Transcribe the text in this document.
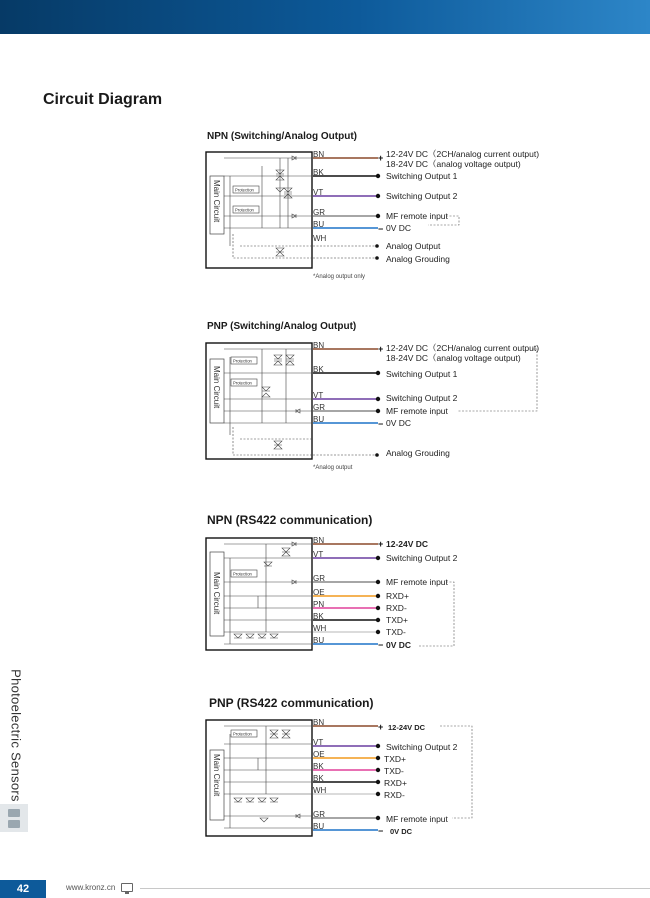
Circuit Diagram
NPN (Switching/Analog Output)
Main Circuit	Protection
Protection
BN
BK
VT
GR
BU
WH
+
−
12-24V DC（2CH/analog current output)
18-24V DC（analog voltage output)
Switching Output 1
Switching Output 2
MF remote input
0V DC
Analog Output
Analog Grouding
*Analog output only
PNP (Switching/Analog Output)
Main Circuit
Protection
Protection
BN
BK
VT
GR
BU
+
−
12-24V DC（2CH/analog current output)
18-24V DC（analog voltage output)
Switching Output 1
Switching Output 2
MF remote input
0V DC
Analog Grouding
*Analog output
NPN (RS422 communication)
Main Circuit	Protection
BN
VT
GR
OE
PN
BK
WH
BU
+
−
12-24V DC
Switching Output 2
MF remote input
RXD+
RXD-
TXD+
TXD-
0V DC
PNP (RS422 communication)
Main Circuit
Protection
BN
VT
OE
BK
BK
WH
GR
BU
+
−
12-24V DC
Switching Output 2
TXD+
TXD-
RXD+
RXD-
MF remote input
0V DC
Photoelectric Sensors
42	www.kronz.cn
